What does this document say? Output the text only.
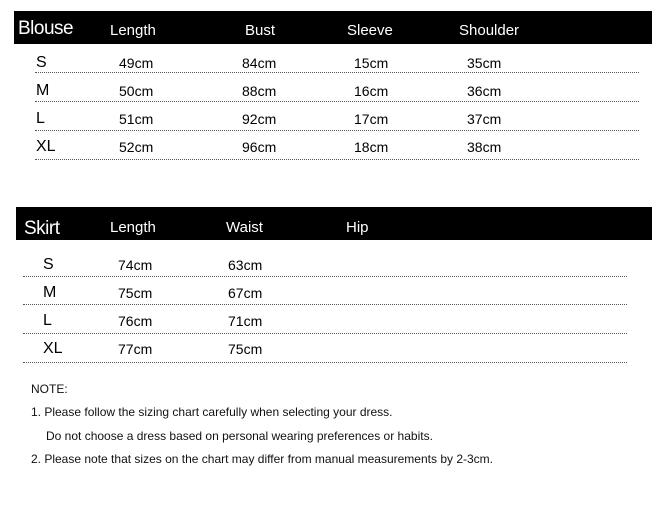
Blouse Length	Bust	Sleeve	Shoulder
S	49cm	84cm	15cm	35cm
M	50cm	88cm	16cm	36cm
L	51cm	92cm	17cm	37cm
XL	52cm	96cm	18cm	38cm
Skirt	Length	Waist	Hip
S	74cm	63cm
M	75cm	67cm
L	76cm	71cm
XL	77cm	75cm
NOTE:
1. Please follow the sizing chart carefully when selecting your dress.
Do not choose a dress based on personal wearing preferences or habits.
2. Please note that sizes on the chart may differ from manual measurements by 2-3cm.
